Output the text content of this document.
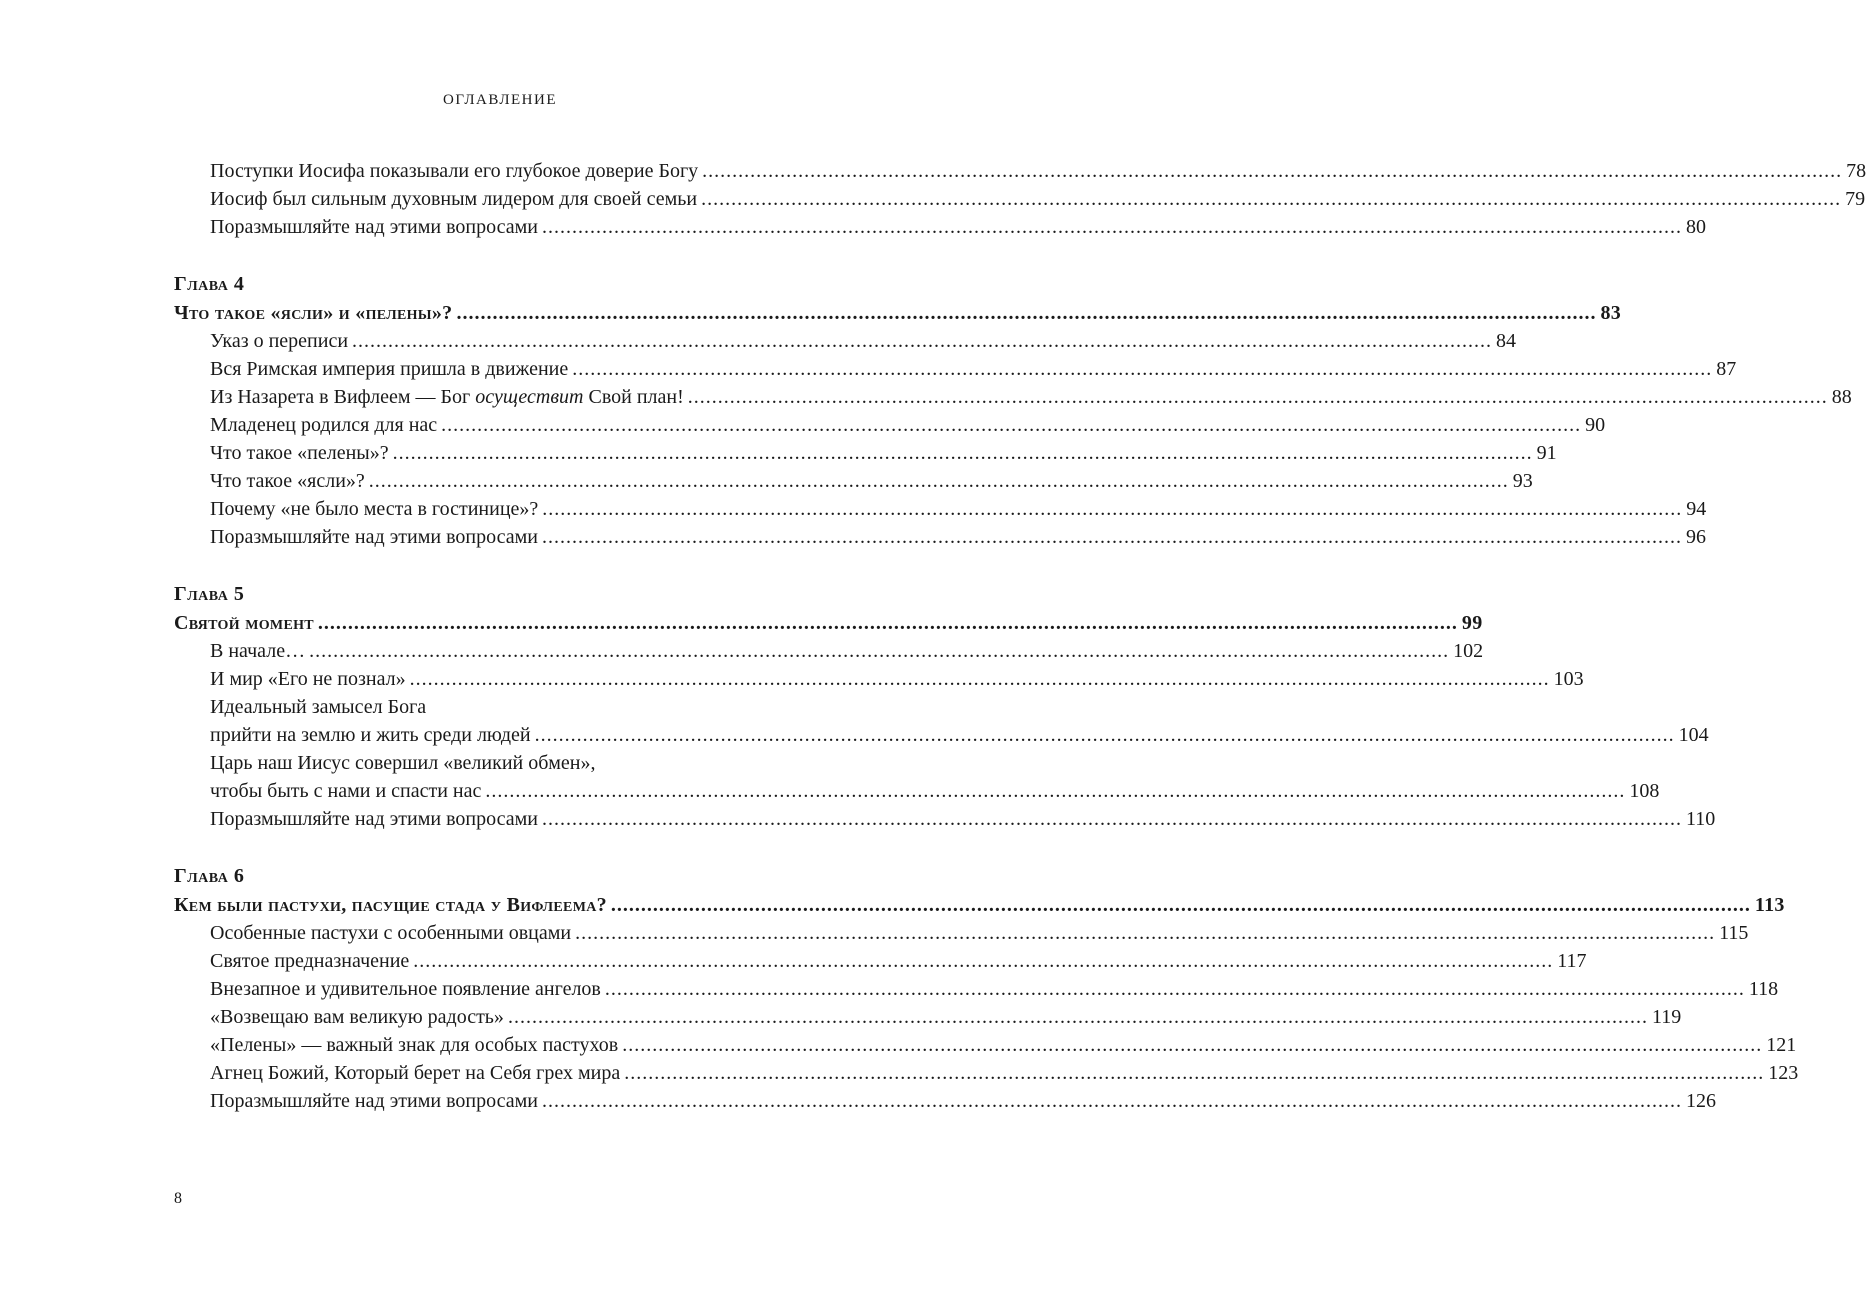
ОГЛАВЛЕНИЕ
Поступки Иосифа показывали его глубокое доверие Богу .....	78
Иосиф был сильным духовным лидером для своей семьи .....	79
Поразмышляйте над этими вопросами .....	80
Глава 4
Что такое «ясли» и «пелены»? .....	83
Указ о переписи .....	84
Вся Римская империя пришла в движение .....	87
Из Назарета в Вифлеем — Бог осуществит Свой план! .....	88
Младенец родился для нас .....	90
Что такое «пелены»? .....	91
Что такое «ясли»? .....	93
Почему «не было места в гостинице»? .....	94
Поразмышляйте над этими вопросами .....	96
Глава 5
Святой момент .....	99
В начале… .....	102
И мир «Его не познал» .....	103
Идеальный замысел Бога
прийти на землю и жить среди людей .....	104
Царь наш Иисус совершил «великий обмен»,
чтобы быть с нами и спасти нас .....	108
Поразмышляйте над этими вопросами .....	110
Глава 6
Кем были пастухи, пасущие стада у Вифлеема? .....	113
Особенные пастухи с особенными овцами .....	115
Святое предназначение .....	117
Внезапное и удивительное появление ангелов .....	118
«Возвещаю вам великую радость» .....	119
«Пелены» — важный знак для особых пастухов .....	121
Агнец Божий, Который берет на Себя грех мира .....	123
Поразмышляйте над этими вопросами .....	126
8
